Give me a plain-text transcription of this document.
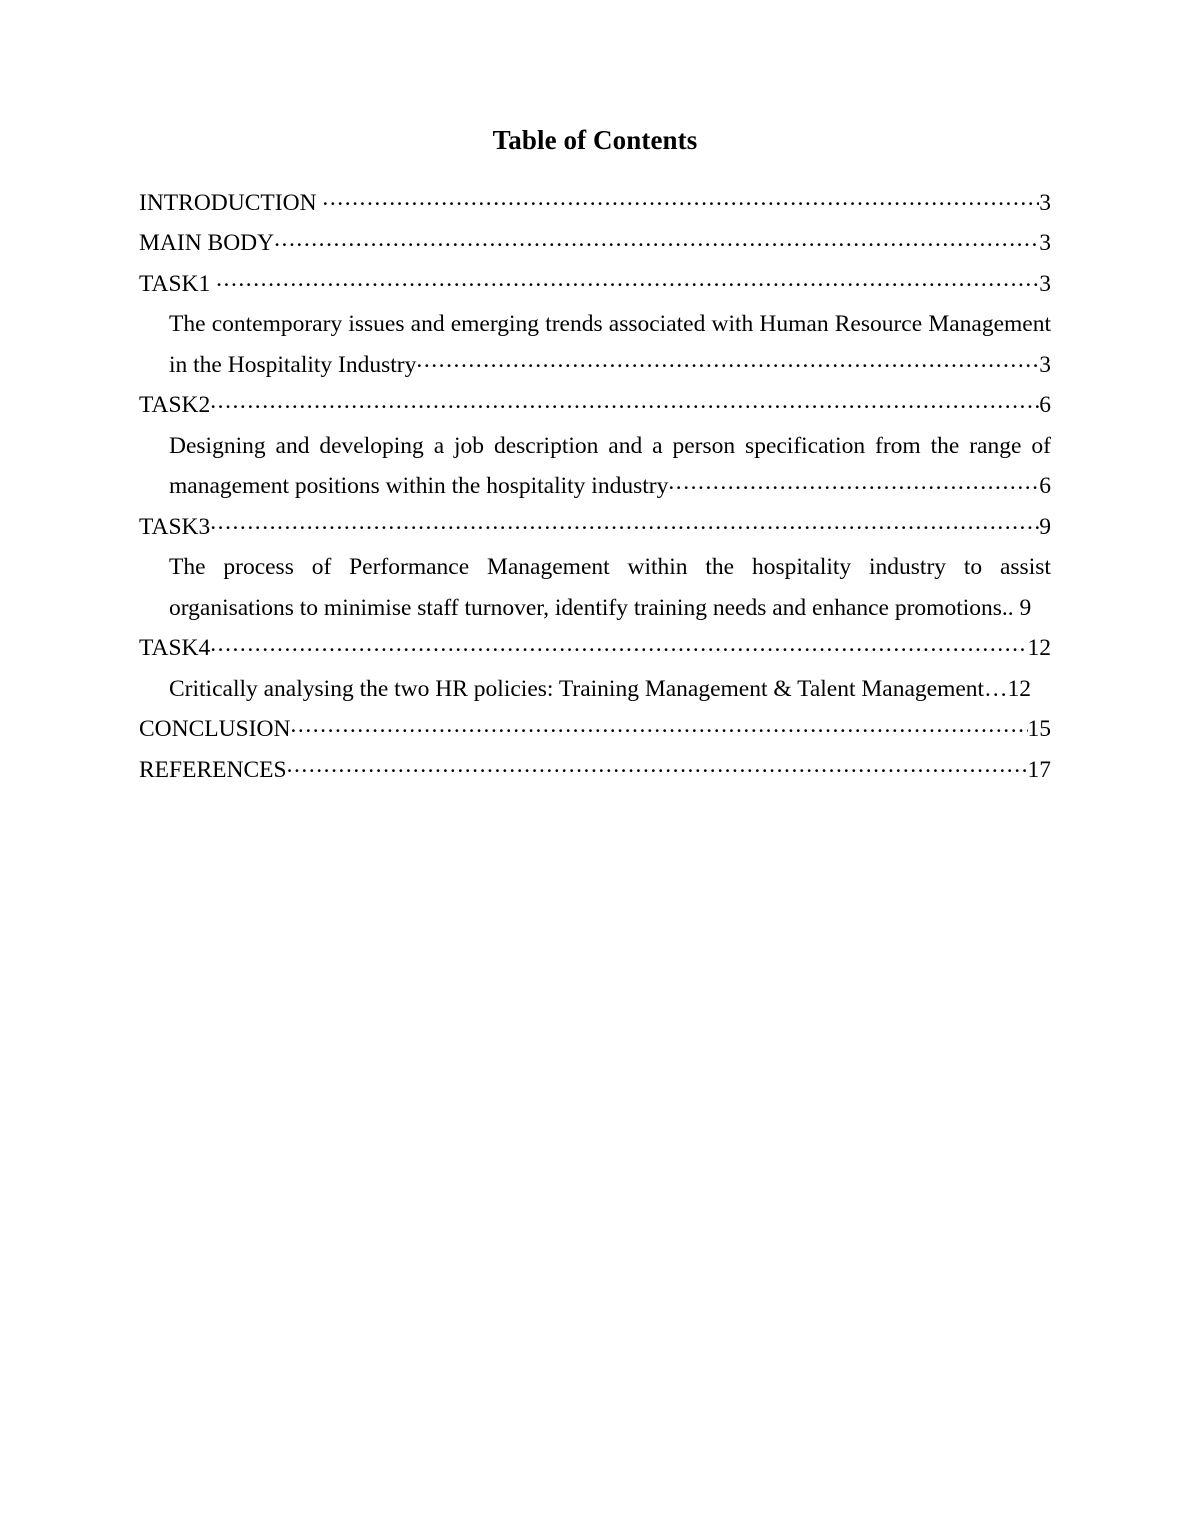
Table of Contents
INTRODUCTION .....	3
MAIN BODY .....	3
TASK1 .....	3
The contemporary issues and emerging trends associated with Human Resource Management
in the Hospitality Industry .....	3
TASK2 .....	6
Designing and developing a job description and a person specification from the range of
management positions within the hospitality industry .....	6
TASK3 .....	9
The process of Performance Management within the hospitality industry to assist
organisations to minimise staff turnover, identify training needs and enhance promotions.. 9
TASK4 .....	12
Critically analysing the two HR policies: Training Management & Talent Management…12
CONCLUSION .....	15
REFERENCES .....	17
